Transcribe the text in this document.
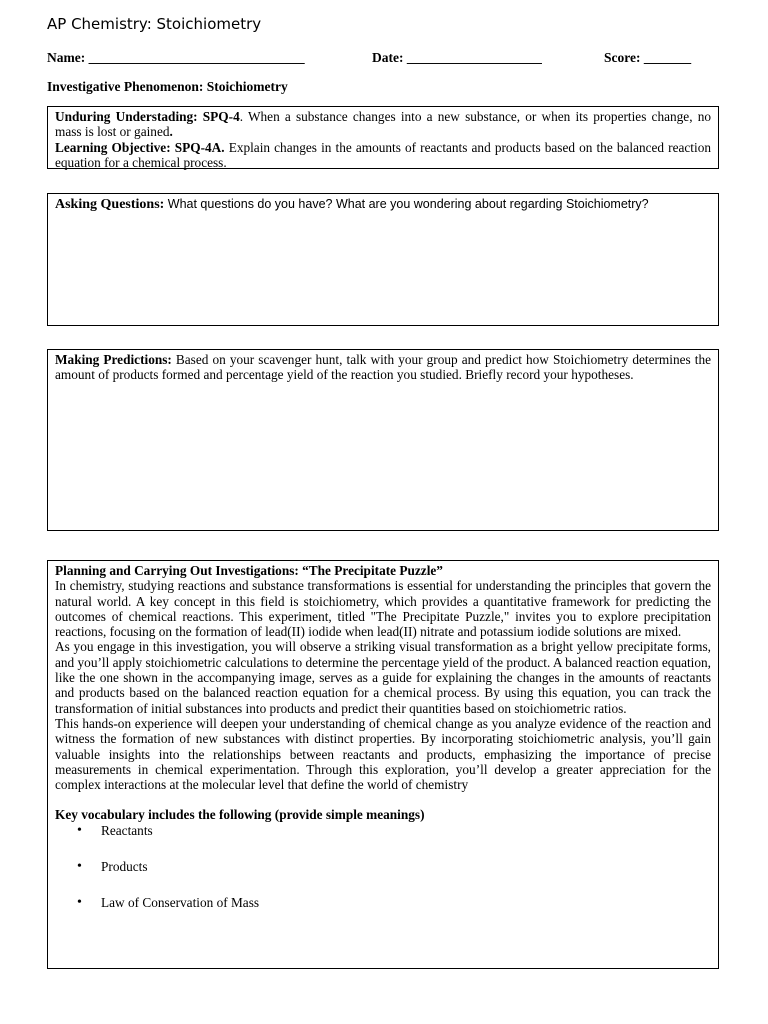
AP Chemistry: Stoichiometry
Name: ________________________________	Date: ____________________	Score: _______
Investigative Phenomenon: Stoichiometry

Unduring Understading: SPQ-4. When a substance changes into a new substance, or when its properties change, no mass is lost or gained.

Learning Objective: SPQ-4A. Explain changes in the amounts of reactants and products based on the balanced reaction equation for a chemical process.

Asking Questions: What questions do you have? What are you wondering about regarding Stoichiometry?

Making Predictions: Based on your scavenger hunt, talk with your group and predict how Stoichiometry determines the amount of products formed and percentage yield of the reaction you studied. Briefly record your hypotheses.

Planning and Carrying Out Investigations: “The Precipitate Puzzle”

In chemistry, studying reactions and substance transformations is essential for understanding the principles that govern the natural world. A key concept in this field is stoichiometry, which provides a quantitative framework for predicting the outcomes of chemical reactions. This experiment, titled "The Precipitate Puzzle," invites you to explore precipitation reactions, focusing on the formation of lead(II) iodide when lead(II) nitrate and potassium iodide solutions are mixed.

As you engage in this investigation, you will observe a striking visual transformation as a bright yellow precipitate forms, and you’ll apply stoichiometric calculations to determine the percentage yield of the product. A balanced reaction equation, like the one shown in the accompanying image, serves as a guide for explaining the changes in the amounts of reactants and products based on the balanced reaction equation for a chemical process. By using this equation, you can track the transformation of initial substances into products and predict their quantities based on stoichiometric ratios.

This hands-on experience will deepen your understanding of chemical change as you analyze evidence of the reaction and witness the formation of new substances with distinct properties. By incorporating stoichiometric analysis, you’ll gain valuable insights into the relationships between reactants and products, emphasizing the importance of precise measurements in chemical experimentation. Through this exploration, you’ll develop a greater appreciation for the complex interactions at the molecular level that define the world of chemistry

Key vocabulary includes the following (provide simple meanings)

• Reactants
• Products
• Law of Conservation of Mass
